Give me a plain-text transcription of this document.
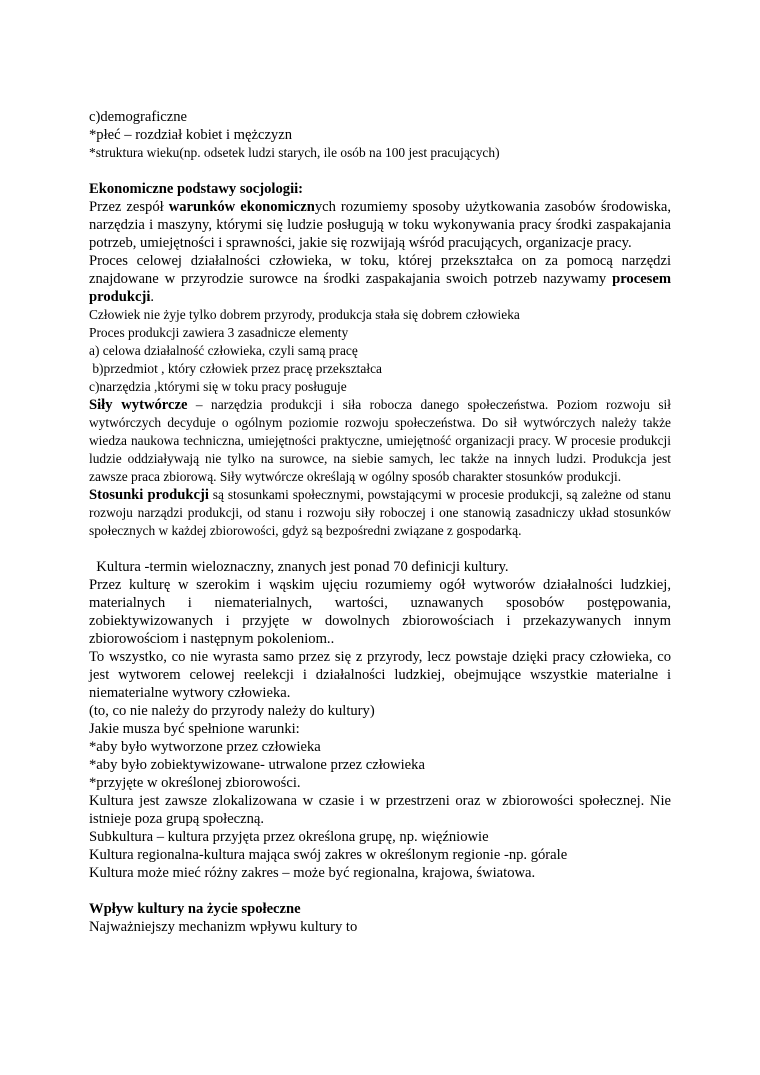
c)demograficzne

*płeć – rozdział kobiet i mężczyzn

*struktura wieku(np. odsetek ludzi starych, ile osób na 100 jest pracujących)

Ekonomiczne podstawy socjologii:

Przez zespół warunków ekonomicznych rozumiemy sposoby użytkowania zasobów środowiska, narzędzia i maszyny, którymi się ludzie posługują w toku wykonywania pracy środki zaspakajania potrzeb, umiejętności i sprawności, jakie się rozwijają wśród pracujących, organizacje pracy.

Proces celowej działalności człowieka, w toku, której przekształca on za pomocą narzędzi znajdowane w przyrodzie surowce na środki zaspakajania swoich potrzeb nazywamy procesem produkcji.

Człowiek nie żyje tylko dobrem przyrody, produkcja stała się dobrem człowieka

Proces produkcji zawiera 3 zasadnicze elementy

a) celowa działalność człowieka, czyli samą pracę

b)przedmiot , który człowiek przez pracę przekształca

c)narzędzia ,którymi się w toku pracy posługuje

Siły wytwórcze – narzędzia produkcji i siła robocza danego społeczeństwa. Poziom rozwoju sił wytwórczych decyduje o ogólnym poziomie rozwoju społeczeństwa. Do sił wytwórczych należy także wiedza naukowa techniczna, umiejętności praktyczne, umiejętność organizacji pracy. W procesie produkcji ludzie oddziaływają nie tylko na surowce, na siebie samych, lec także na innych ludzi. Produkcja jest zawsze praca zbiorową. Siły wytwórcze określają w ogólny sposób charakter stosunków produkcji.

Stosunki produkcji są stosunkami społecznymi, powstającymi w procesie produkcji, są zależne od stanu rozwoju narządzi produkcji, od stanu i rozwoju siły roboczej i one stanowią zasadniczy układ stosunków społecznych w każdej zbiorowości, gdyż są bezpośredni związane z gospodarką.

Kultura -termin wieloznaczny, znanych jest ponad 70 definicji kultury.

Przez kulturę w szerokim i wąskim ujęciu rozumiemy ogół wytworów działalności ludzkiej, materialnych i niematerialnych, wartości, uznawanych sposobów postępowania, zobiektywizowanych i przyjęte w dowolnych zbiorowościach i przekazywanych innym zbiorowościom i następnym pokoleniom..

To wszystko, co nie wyrasta samo przez się z przyrody, lecz powstaje dzięki pracy człowieka, co jest wytworem celowej reelekcji i działalności ludzkiej, obejmujące wszystkie materialne i niematerialne wytwory człowieka.

(to, co nie należy do przyrody należy do kultury)

Jakie musza być spełnione warunki:

*aby było wytworzone przez człowieka

*aby było zobiektywizowane- utrwalone przez człowieka

*przyjęte w określonej zbiorowości.

Kultura jest zawsze zlokalizowana w czasie i w przestrzeni oraz w zbiorowości społecznej. Nie istnieje poza grupą społeczną.

Subkultura – kultura przyjęta przez określona grupę, np. więźniowie

Kultura regionalna-kultura mająca swój zakres w określonym regionie -np. górale

Kultura może mieć różny zakres – może być regionalna, krajowa, światowa.

Wpływ kultury na życie społeczne

Najważniejszy mechanizm wpływu kultury to
